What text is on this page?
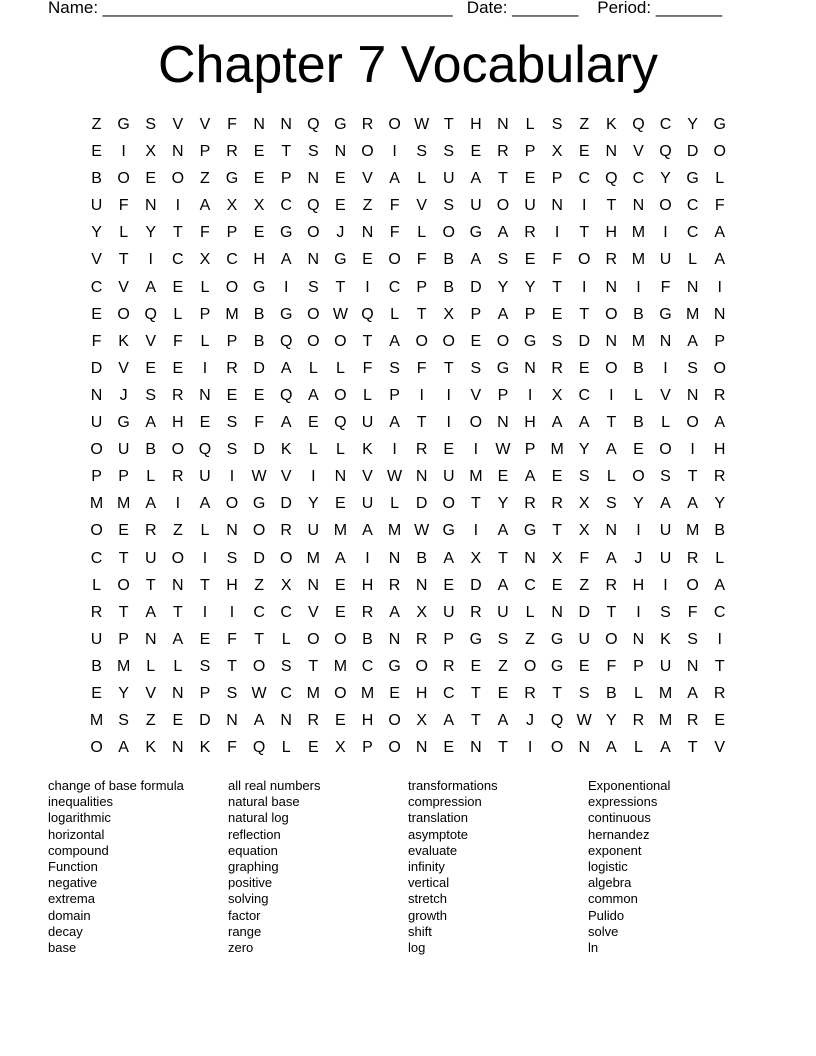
Name: _____________________________________ Date: _______ Period: _______
Chapter 7 Vocabulary
Z G S	V	V	F	N N Q G R O W T	H N	L	S	Z	K Q C Y G
E	I	X N P R E	T	S N O	I	S	S	E R P	X	E N V Q D O
B O E O Z G E	P N E	V	A	L	U A	T	E	P C Q C Y G	L
U	F	N	I	A	X	X C Q E	Z	F	V	S U O U N	I	T	N O C	F
Y	L	Y	T	F	P	E G O	J	N	F	L	O G A R	I	T	H M	I	C A
V	T	I	C X C H A N G E O F	B	A	S	E	F O R M U	L	A
C V	A	E	L	O G	I	S	T	I	C P	B D Y	Y	T	I	N	I	F	N	I
E O Q	L	P M B G O W Q	L	T	X	P	A	P	E	T O B G M N
F	K	V	F	L	P	B Q O O T	A O O E O G S D N M N A	P
D V	E	E	I	R D A	L	L	F	S	F	T	S G N R E O B	I	S O
N	J	S R N E	E Q A O	L	P	I	I	V	P	I	X C	I	L	V N R
U G A H E	S	F	A	E Q U A	T	I	O N H A	A	T	B	L	O A
O U B O Q S D K	L	L	K	I	R E	I	W P M Y	A	E O	I	H
P	P	L	R U	I	W V	I	N V W N U M E	A	E	S	L	O S	T	R
M M A	I	A O G D Y	E U	L	D O T	Y R R X	S	Y	A	A	Y
O E R	Z	L	N O R U M A M W G	I	A G T	X N	I	U M B
C	T	U O	I	S D O M A	I	N B	A	X	T	N X	F	A	J	U R	L
L	O T	N	T	H	Z	X N E H R N E D A C E	Z	R H	I	O A
R	T	A	T	I	I	C C V	E R A	X U R U	L	N D	T	I	S	F	C
U P N A	E	F	T	L	O O B N R P G S	Z G U O N K	S	I
B M L	L	S	T O S	T M C G O R E	Z O G E	F	P U N	T
E	Y	V N P	S W C M O M E H C	T	E R	T	S	B	L M A R
M S	Z	E D N A N R E H O X	A	T	A	J	Q W Y R M R E
O A	K N K	F Q	L	E	X	P O N E N	T	I	O N A	L	A	T	V
change of base formula
inequalities
logarithmic
horizontal
compound
Function
negative
extrema
domain
decay
base
all real numbers
natural base
natural log
reflection
equation
graphing
positive
solving
factor
range
zero
transformations
compression
translation
asymptote
evaluate
infinity
vertical
stretch
growth
shift
log
Exponentional
expressions
continuous
hernandez
exponent
logistic
algebra
common
Pulido
solve
ln
